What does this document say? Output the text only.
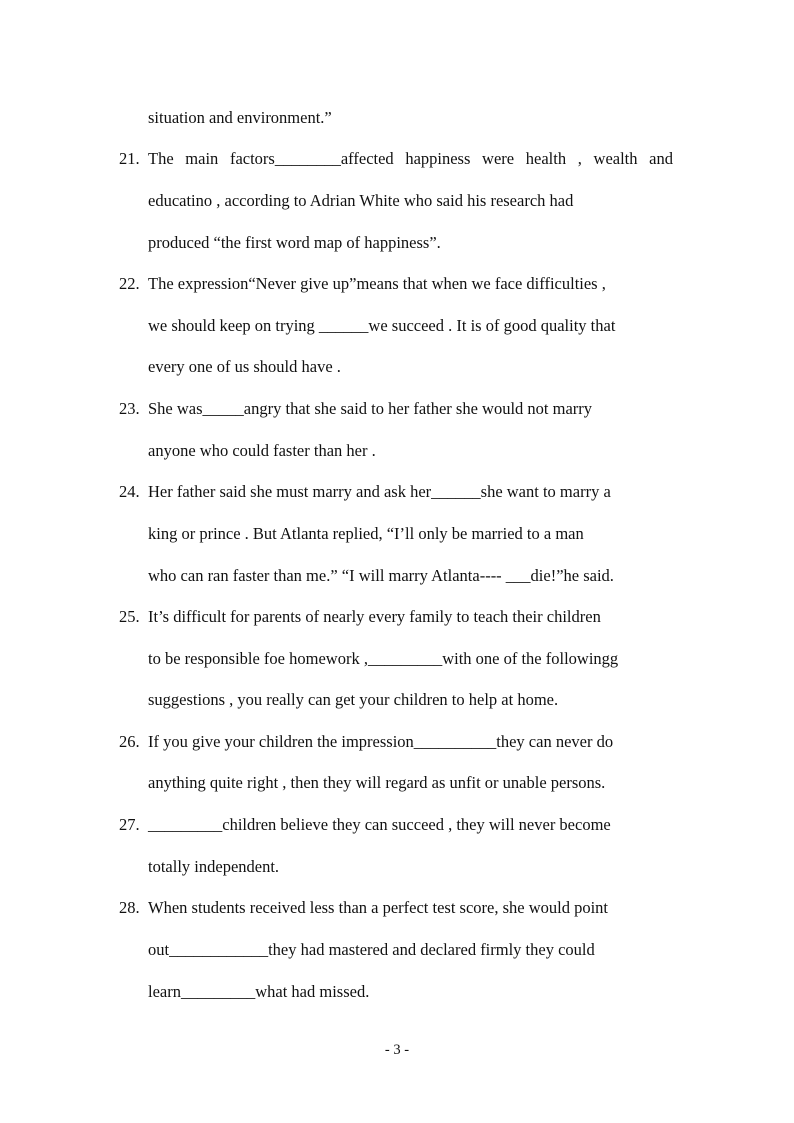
situation and environment.”
21. The main factors________affected happiness were health , wealth and
educatino , according to Adrian White who said his research had
produced “the first word map of happiness”.
22. The expression“Never give up”means that when we face difficulties ,
we should keep on trying ______we succeed . It is of good quality that
every one of us should have .
23. She was_____angry that she said to her father she would not marry
anyone who could faster than her .
24. Her father said she must marry and ask her______she want to marry a
king or prince . But Atlanta replied, “I’ll only be married to a man
who can ran faster than me.” “I will marry Atlanta---- ___die!”he said.
25. It’s difficult for parents of nearly every family to teach their children
to be responsible foe homework ,_________with one of the followingg
suggestions , you really can get your children to help at home.
26. If you give your children the impression__________they can never do
anything quite right , then they will regard as unfit or unable persons.
27. _________children believe they can succeed , they will never become
totally independent.
28. When students received less than a perfect test score, she would point
out____________they had mastered and declared firmly they could
learn_________what had missed.
- 3 -
